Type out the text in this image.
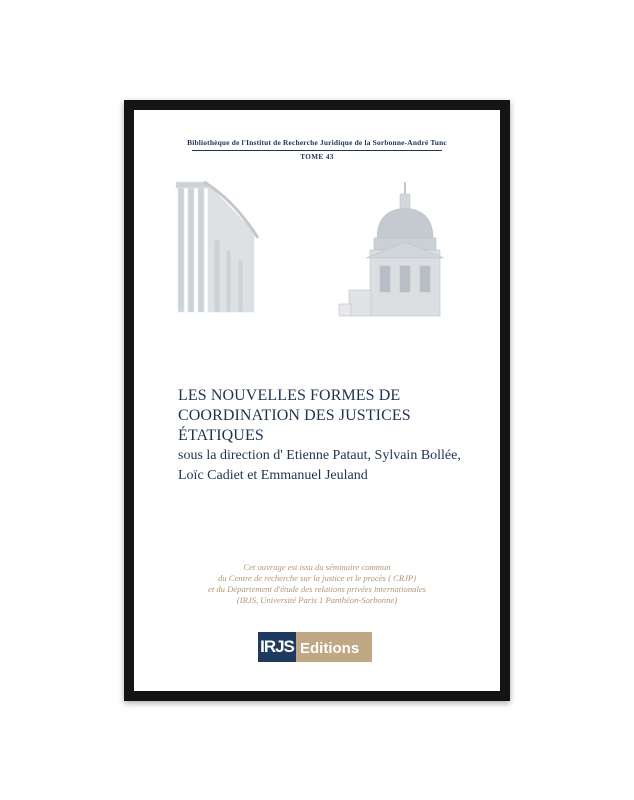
Bibliothèque de l'Institut de Recherche Juridique de la Sorbonne-André Tunc
TOME 43
LES NOUVELLES FORMES DE
COORDINATION DES JUSTICES ÉTATIQUES
sous la direction d' Etienne Pataut, Sylvain Bollée,
Loïc Cadiet et Emmanuel Jeuland
Cet ouvrage est issu du séminaire commun
du Centre de recherche sur la justice et le procès ( CRJP)
et du Département d'étude des relations privées internationales
(IRJS, Université Paris 1 Panthéon-Sorbonne)
IRJS Editions
